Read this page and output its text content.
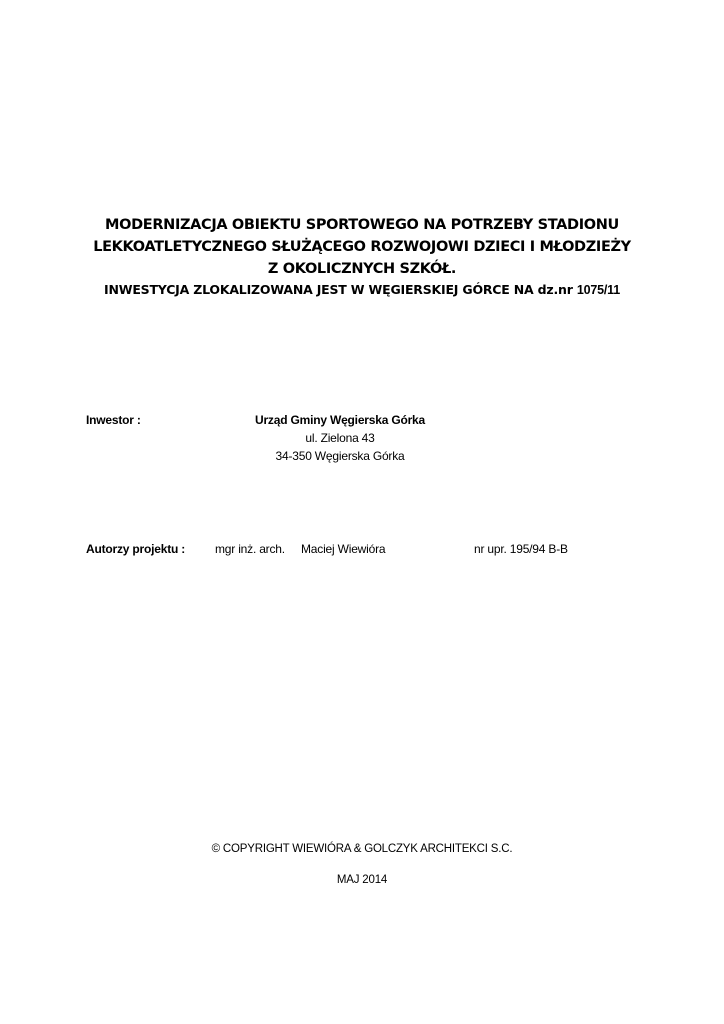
MODERNIZACJA OBIEKTU SPORTOWEGO NA POTRZEBY STADIONU
LEKKOATLETYCZNEGO SŁUŻĄCEGO ROZWOJOWI DZIECI I MŁODZIEŻY
Z OKOLICZNYCH SZKÓŁ.
INWESTYCJA ZLOKALIZOWANA JEST W WĘGIERSKIEJ GÓRCE NA dz.nr 1075/11
Inwestor :	Urząd Gminy Węgierska Górka
ul. Zielona 43
34-350 Węgierska Górka
Autorzy projektu : mgr inż. arch. Maciej Wiewióra	nr upr. 195/94 B-B
© COPYRIGHT WIEWIÓRA & GOLCZYK ARCHITEKCI S.C.
MAJ 2014
